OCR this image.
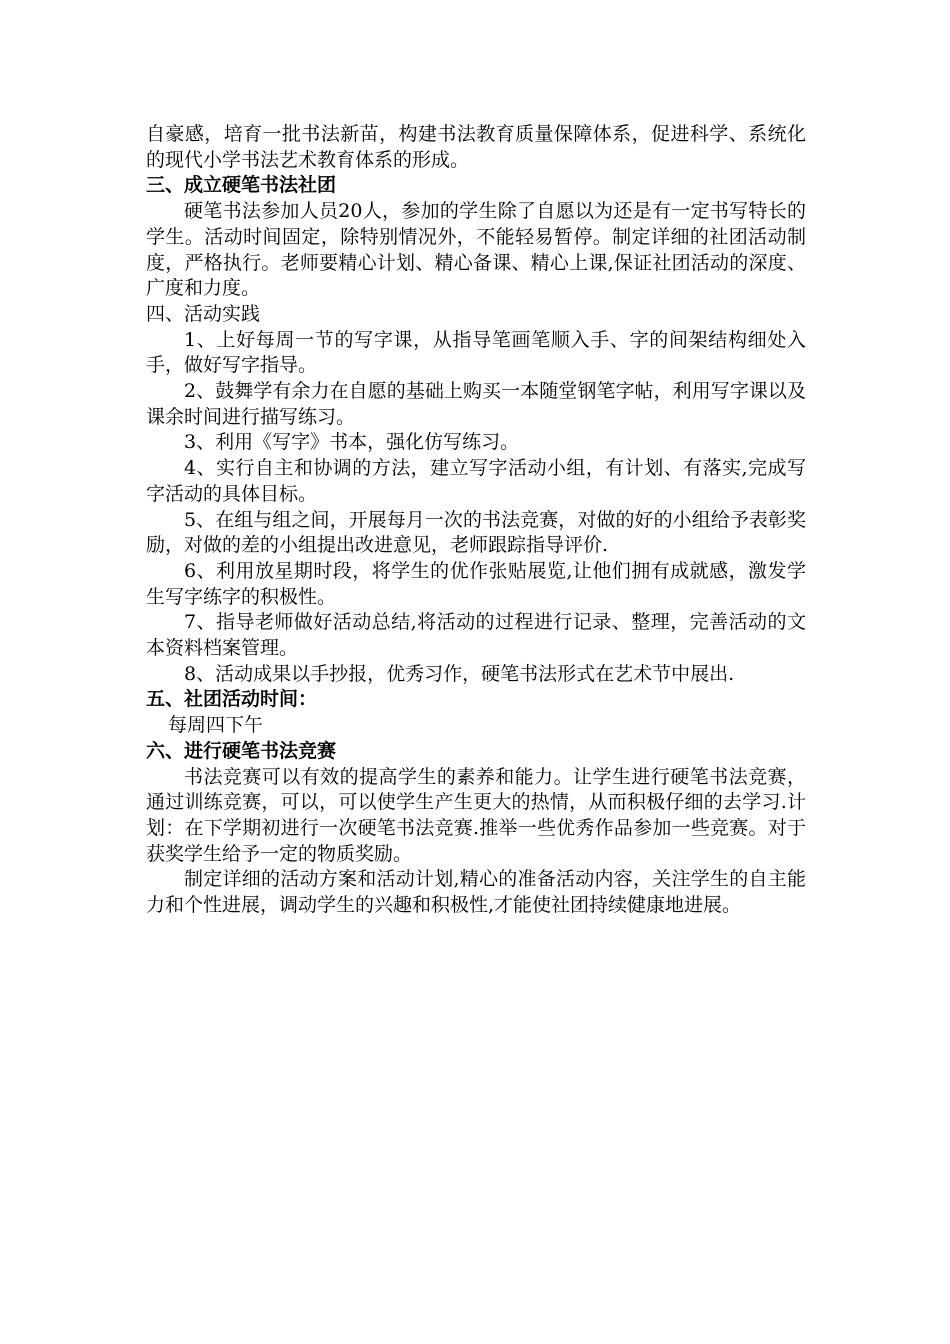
自豪感，培育一批书法新苗，构建书法教育质量保障体系，促进科学、系统化的现代小学书法艺术教育体系的形成。

三、成立硬笔书法社团

硬笔书法参加人员20人，参加的学生除了自愿以为还是有一定书写特长的学生。活动时间固定，除特别情况外，不能轻易暂停。制定详细的社团活动制度，严格执行。老师要精心计划、精心备课、精心上课,保证社团活动的深度、广度和力度。

四、活动实践

1、上好每周一节的写字课，从指导笔画笔顺入手、字的间架结构细处入手，做好写字指导。

2、鼓舞学有余力在自愿的基础上购买一本随堂钢笔字帖，利用写字课以及课余时间进行描写练习。

3、利用《写字》书本，强化仿写练习。

4、实行自主和协调的方法，建立写字活动小组，有计划、有落实,完成写字活动的具体目标。

5、在组与组之间，开展每月一次的书法竞赛，对做的好的小组给予表彰奖励，对做的差的小组提出改进意见，老师跟踪指导评价.

6、利用放星期时段，将学生的优作张贴展览,让他们拥有成就感，激发学生写字练字的积极性。

7、指导老师做好活动总结,将活动的过程进行记录、整理，完善活动的文本资料档案管理。

8、活动成果以手抄报，优秀习作，硬笔书法形式在艺术节中展出.

五、社团活动时间：

每周四下午

六、进行硬笔书法竞赛

书法竞赛可以有效的提高学生的素养和能力。让学生进行硬笔书法竞赛，通过训练竞赛，可以，可以使学生产生更大的热情，从而积极仔细的去学习.计划：在下学期初进行一次硬笔书法竞赛.推举一些优秀作品参加一些竞赛。对于获奖学生给予一定的物质奖励。

制定详细的活动方案和活动计划,精心的准备活动内容，关注学生的自主能力和个性进展，调动学生的兴趣和积极性,才能使社团持续健康地进展。
